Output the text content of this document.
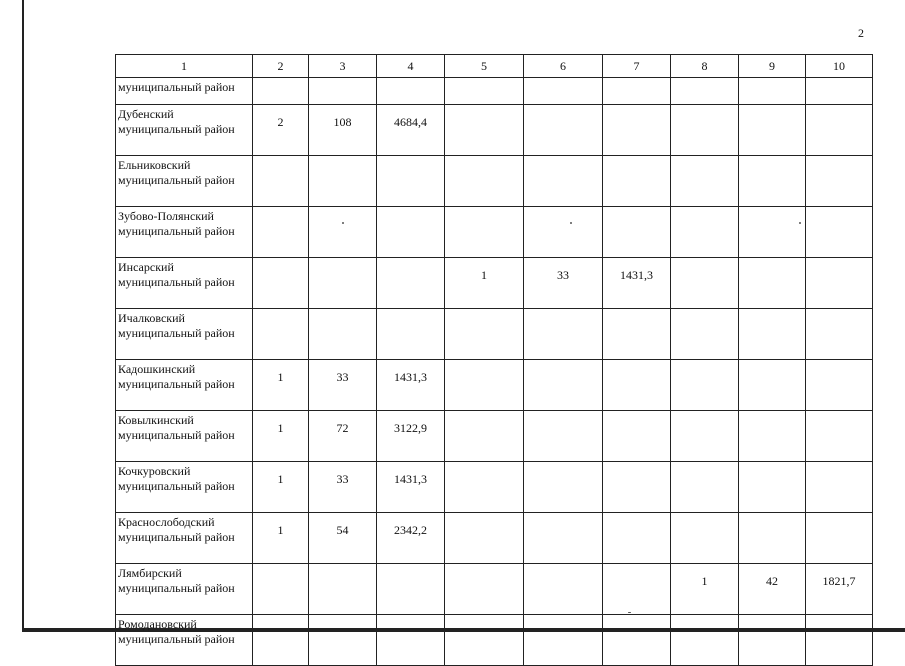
2
1	2	3	4	5	6	7	8	9	10
муниципальный район									
Дубенский муниципальный район	2	108	4684,4						
Ельниковский муниципальный район									
Зубово-Полянский муниципальный район									
Инсарский муниципальный район				1	33	1431,3			
Ичалковский муниципальный район									
Кадошкинский муниципальный район	1	33	1431,3						
Ковылкинский муниципальный район	1	72	3122,9						
Кочкуровский муниципальный район	1	33	1431,3						
Краснослободский муниципальный район	1	54	2342,2						
Лямбирский муниципальный район							1	42	1821,7
Ромодановский муниципальный район									
